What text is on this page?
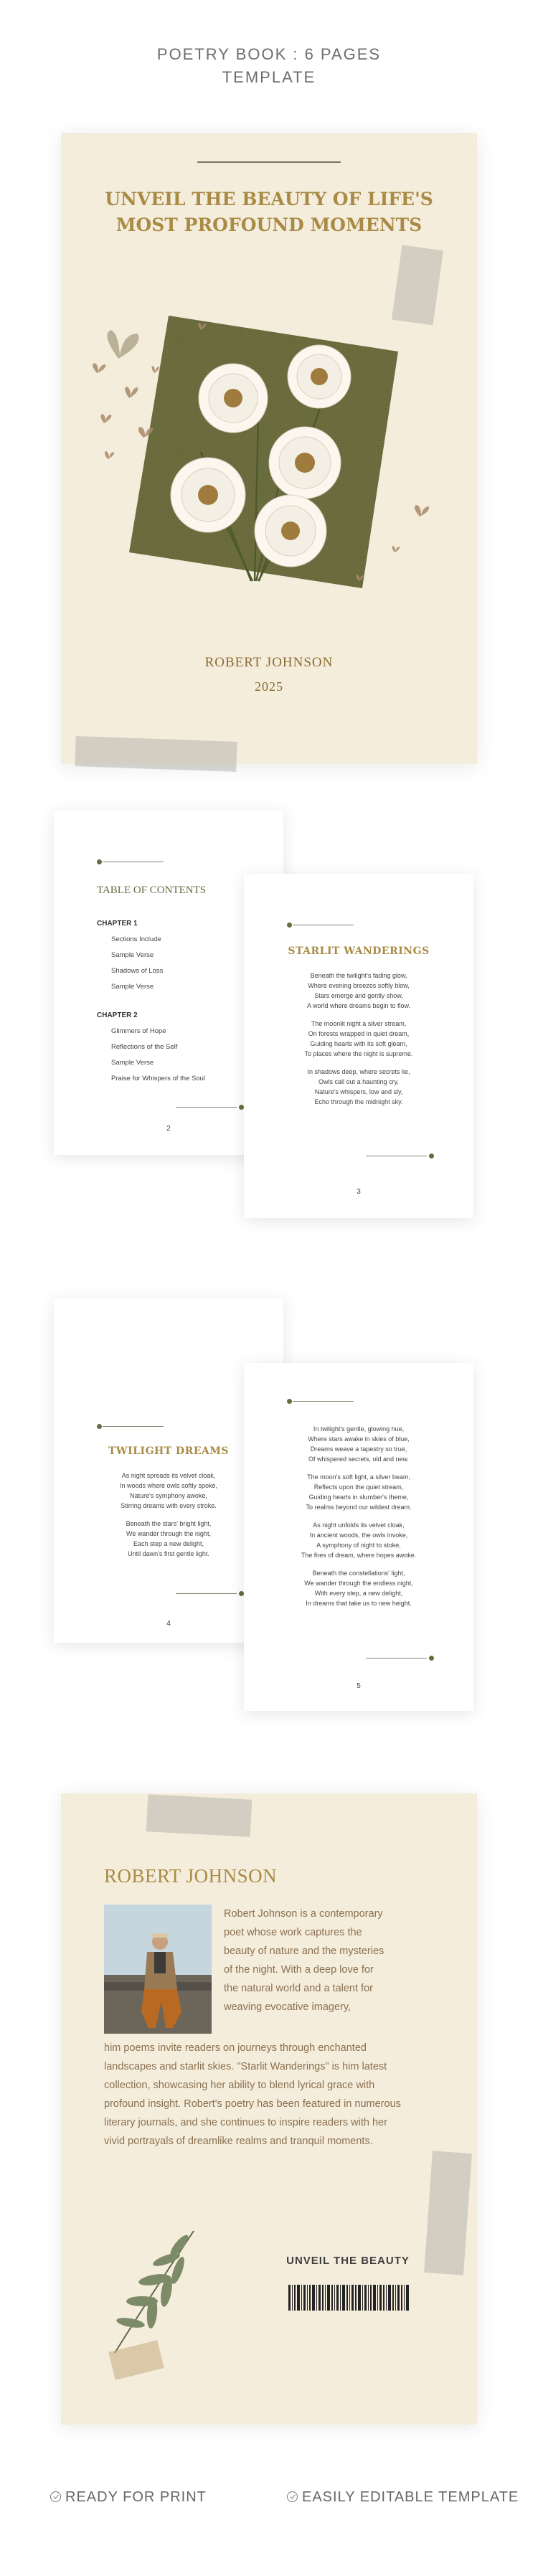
POETRY BOOK : 6 PAGES
TEMPLATE
UNVEIL THE BEAUTY OF LIFE'S MOST PROFOUND MOMENTS
ROBERT JOHNSON
2025
TABLE OF CONTENTS
CHAPTER 1
Sections Include
Sample Verse
Shadows of Loss
Sample Verse
CHAPTER 2
Glimmers of Hope
Reflections of the Self
Sample Verse
Praise for Whispers of the Soul
2
STARLIT WANDERINGS
Beneath the twilight's fading glow,
Where evening breezes softly blow,
Stars emerge and gently show,
A world where dreams begin to flow.
The moonlit night a silver stream,
On forests wrapped in quiet dream,
Guiding hearts with its soft gleam,
To places where the night is supreme.
In shadows deep, where secrets lie,
Owls call out a haunting cry,
Nature's whispers, low and sly,
Echo through the midnight sky.
3
TWILIGHT DREAMS
As night spreads its velvet cloak,
In woods where owls softly spoke,
Nature's symphony awoke,
Stirring dreams with every stroke.
Beneath the stars' bright light,
We wander through the night,
Each step a new delight,
Until dawn's first gentle light.
4
In twilight's gentle, glowing hue,
Where stars awake in skies of blue,
Dreams weave a tapestry so true,
Of whispered secrets, old and new.
The moon's soft light, a silver beam,
Reflects upon the quiet stream,
Guiding hearts in slumber's theme,
To realms beyond our wildest dream.
As night unfolds its velvet cloak,
In ancient woods, the owls invoke,
A symphony of night to stoke,
The fires of dream, where hopes awoke.
Beneath the constellations' light,
We wander through the endless night,
With every step, a new delight,
In dreams that take us to new height.
5
ROBERT JOHNSON
Robert Johnson is a contemporary poet whose work captures the beauty of nature and the mysteries of the night. With a deep love for the natural world and a talent for weaving evocative imagery,
him poems invite readers on journeys through enchanted landscapes and starlit skies. "Starlit Wanderings" is him latest collection, showcasing her ability to blend lyrical grace with profound insight. Robert's poetry has been featured in numerous literary journals, and she continues to inspire readers with her vivid portrayals of dreamlike realms and tranquil moments.
UNVEIL THE BEAUTY
READY FOR PRINT	EASILY EDITABLE TEMPLATE
